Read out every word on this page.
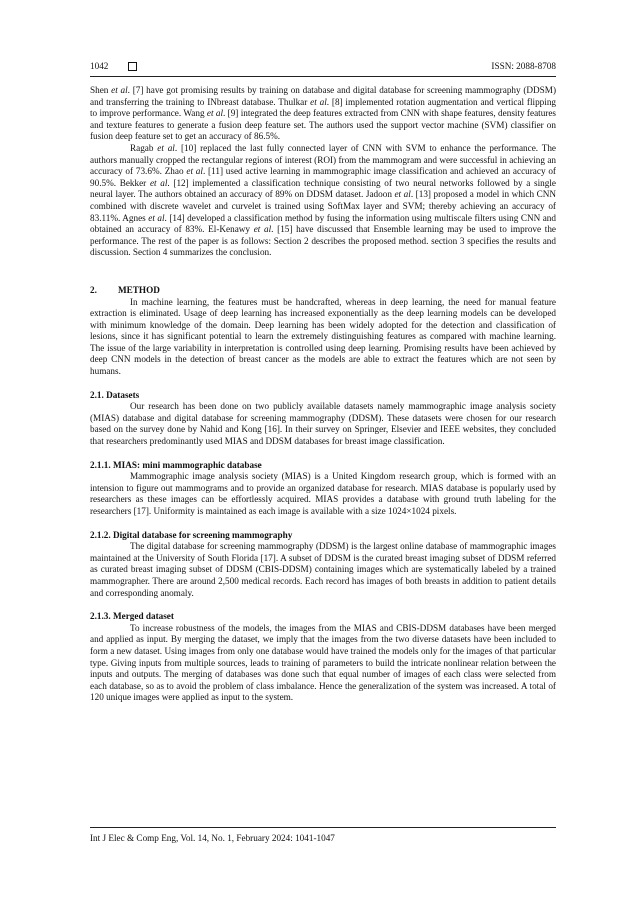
1042	ISSN: 2088-8708

Shen et al. [7] have got promising results by training on database and digital database for screening mammography (DDSM) and transferring the training to INbreast database. Thulkar et al. [8] implemented rotation augmentation and vertical flipping to improve performance. Wang et al. [9] integrated the deep features extracted from CNN with shape features, density features and texture features to generate a fusion deep feature set. The authors used the support vector machine (SVM) classifier on fusion deep feature set to get an accuracy of 86.5%.

Ragab et al. [10] replaced the last fully connected layer of CNN with SVM to enhance the performance. The authors manually cropped the rectangular regions of interest (ROI) from the mammogram and were successful in achieving an accuracy of 73.6%. Zhao et al. [11] used active learning in mammographic image classification and achieved an accuracy of 90.5%. Bekker et al. [12] implemented a classification technique consisting of two neural networks followed by a single neural layer. The authors obtained an accuracy of 89% on DDSM dataset. Jadoon et al. [13] proposed a model in which CNN combined with discrete wavelet and curvelet is trained using SoftMax layer and SVM; thereby achieving an accuracy of 83.11%. Agnes et al. [14] developed a classification method by fusing the information using multiscale filters using CNN and obtained an accuracy of 83%. El-Kenawy et al. [15] have discussed that Ensemble learning may be used to improve the performance. The rest of the paper is as follows: Section 2 describes the proposed method. section 3 specifies the results and discussion. Section 4 summarizes the conclusion.

2. METHOD

In machine learning, the features must be handcrafted, whereas in deep learning, the need for manual feature extraction is eliminated. Usage of deep learning has increased exponentially as the deep learning models can be developed with minimum knowledge of the domain. Deep learning has been widely adopted for the detection and classification of lesions, since it has significant potential to learn the extremely distinguishing features as compared with machine learning. The issue of the large variability in interpretation is controlled using deep learning. Promising results have been achieved by deep CNN models in the detection of breast cancer as the models are able to extract the features which are not seen by humans.

2.1. Datasets

Our research has been done on two publicly available datasets namely mammographic image analysis society (MIAS) database and digital database for screening mammography (DDSM). These datasets were chosen for our research based on the survey done by Nahid and Kong [16]. In their survey on Springer, Elsevier and IEEE websites, they concluded that researchers predominantly used MIAS and DDSM databases for breast image classification.

2.1.1. MIAS: mini mammographic database

Mammographic image analysis society (MIAS) is a United Kingdom research group, which is formed with an intension to figure out mammograms and to provide an organized database for research. MIAS database is popularly used by researchers as these images can be effortlessly acquired. MIAS provides a database with ground truth labeling for the researchers [17]. Uniformity is maintained as each image is available with a size 1024×1024 pixels.

2.1.2. Digital database for screening mammography

The digital database for screening mammography (DDSM) is the largest online database of mammographic images maintained at the University of South Florida [17]. A subset of DDSM is the curated breast imaging subset of DDSM referred as curated breast imaging subset of DDSM (CBIS-DDSM) containing images which are systematically labeled by a trained mammographer. There are around 2,500 medical records. Each record has images of both breasts in addition to patient details and corresponding anomaly.

2.1.3. Merged dataset

To increase robustness of the models, the images from the MIAS and CBIS-DDSM databases have been merged and applied as input. By merging the dataset, we imply that the images from the two diverse datasets have been included to form a new dataset. Using images from only one database would have trained the models only for the images of that particular type. Giving inputs from multiple sources, leads to training of parameters to build the intricate nonlinear relation between the inputs and outputs. The merging of databases was done such that equal number of images of each class were selected from each database, so as to avoid the problem of class imbalance. Hence the generalization of the system was increased. A total of 120 unique images were applied as input to the system.

Int J Elec & Comp Eng, Vol. 14, No. 1, February 2024: 1041-1047
